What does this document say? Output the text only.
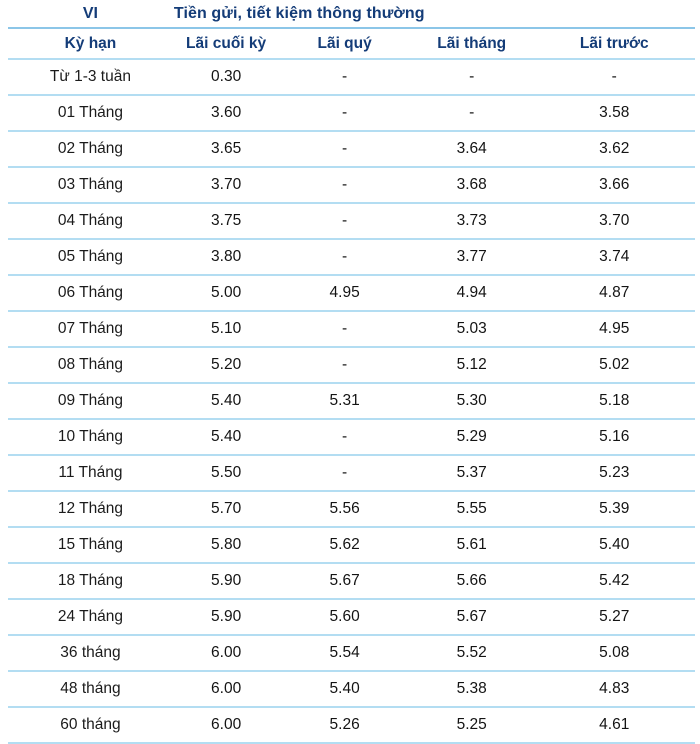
VI	Tiền gửi, tiết kiệm thông thường			
Kỳ hạn	Lãi cuối kỳ	Lãi quý	Lãi tháng	Lãi trước
Từ 1-3 tuần	0.30	-	-	-
01 Tháng	3.60	-	-	3.58
02 Tháng	3.65	-	3.64	3.62
03 Tháng	3.70	-	3.68	3.66
04 Tháng	3.75	-	3.73	3.70
05 Tháng	3.80	-	3.77	3.74
06 Tháng	5.00	4.95	4.94	4.87
07 Tháng	5.10	-	5.03	4.95
08 Tháng	5.20	-	5.12	5.02
09 Tháng	5.40	5.31	5.30	5.18
10 Tháng	5.40	-	5.29	5.16
11 Tháng	5.50	-	5.37	5.23
12 Tháng	5.70	5.56	5.55	5.39
15 Tháng	5.80	5.62	5.61	5.40
18 Tháng	5.90	5.67	5.66	5.42
24 Tháng	5.90	5.60	5.67	5.27
36 tháng	6.00	5.54	5.52	5.08
48 tháng	6.00	5.40	5.38	4.83
60 tháng	6.00	5.26	5.25	4.61
